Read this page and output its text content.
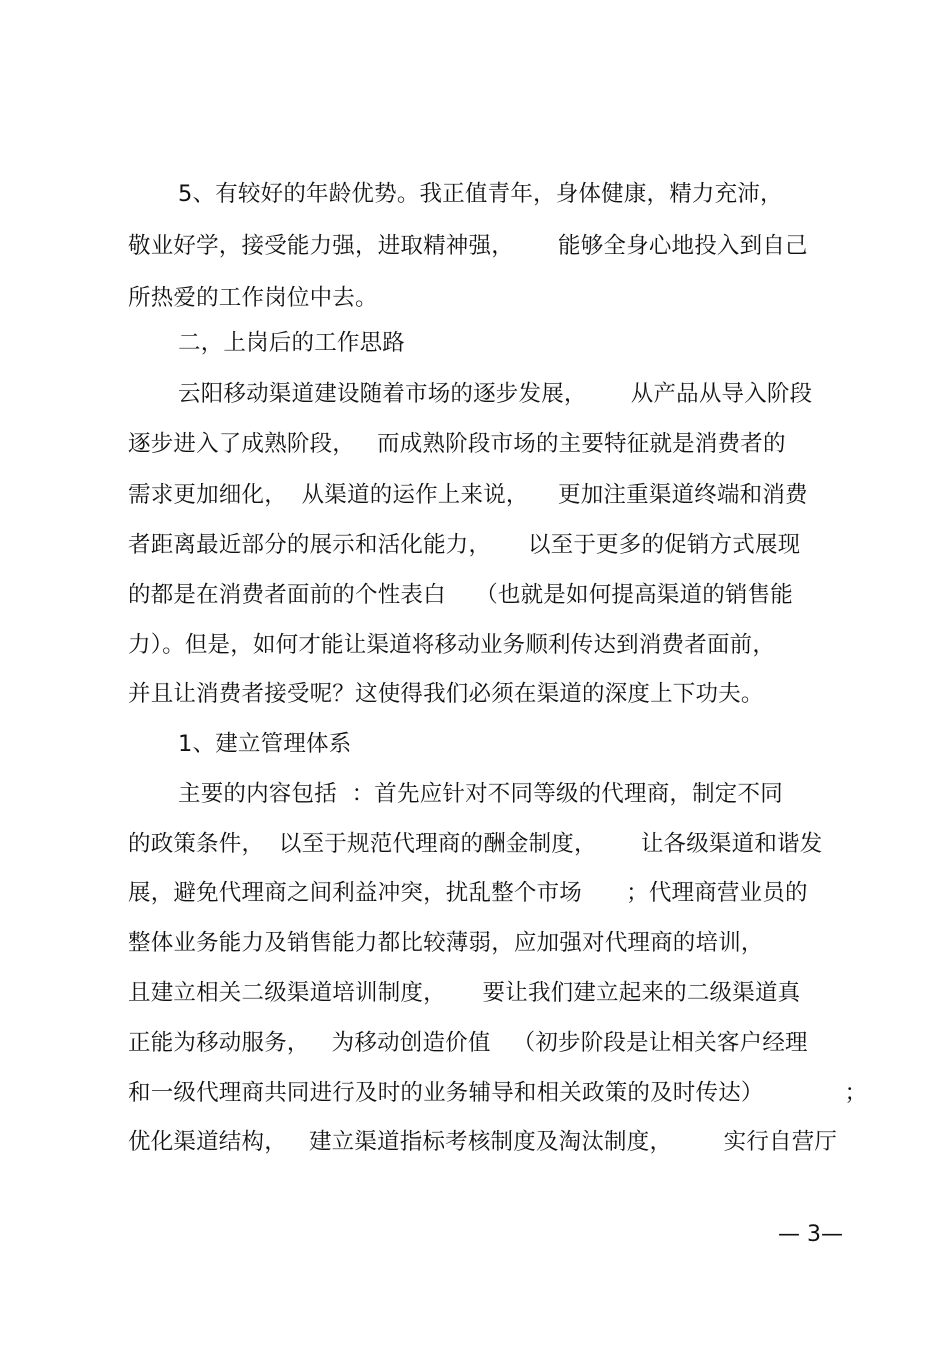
5、有较好的年龄优势。我正值青年，身体健康，精力充沛，
敬业好学，接受能力强，进取精神强，      能够全身心地投入到自己
所热爱的工作岗位中去。
二，上岗后的工作思路
云阳移动渠道建设随着市场的逐步发展，      从产品从导入阶段
逐步进入了成熟阶段，   而成熟阶段市场的主要特征就是消费者的
需求更加细化，  从渠道的运作上来说，    更加注重渠道终端和消费
者距离最近部分的展示和活化能力，     以至于更多的促销方式展现
的都是在消费者面前的个性表白    （也就是如何提高渠道的销售能
力）。但是，如何才能让渠道将移动业务顺利传达到消费者面前，
并且让消费者接受呢？这使得我们必须在渠道的深度上下功夫。
1、建立管理体系
主要的内容包括  ：首先应针对不同等级的代理商，制定不同
的政策条件，  以至于规范代理商的酬金制度，      让各级渠道和谐发
展，避免代理商之间利益冲突，扰乱整个市场      ；代理商营业员的
整体业务能力及销售能力都比较薄弱，应加强对代理商的培训，
且建立相关二级渠道培训制度，     要让我们建立起来的二级渠道真
正能为移动服务，   为移动创造价值   （初步阶段是让相关客户经理
和一级代理商共同进行及时的业务辅导和相关政策的及时传达）           ；
优化渠道结构，   建立渠道指标考核制度及淘汰制度，       实行自营厅
— 3—
